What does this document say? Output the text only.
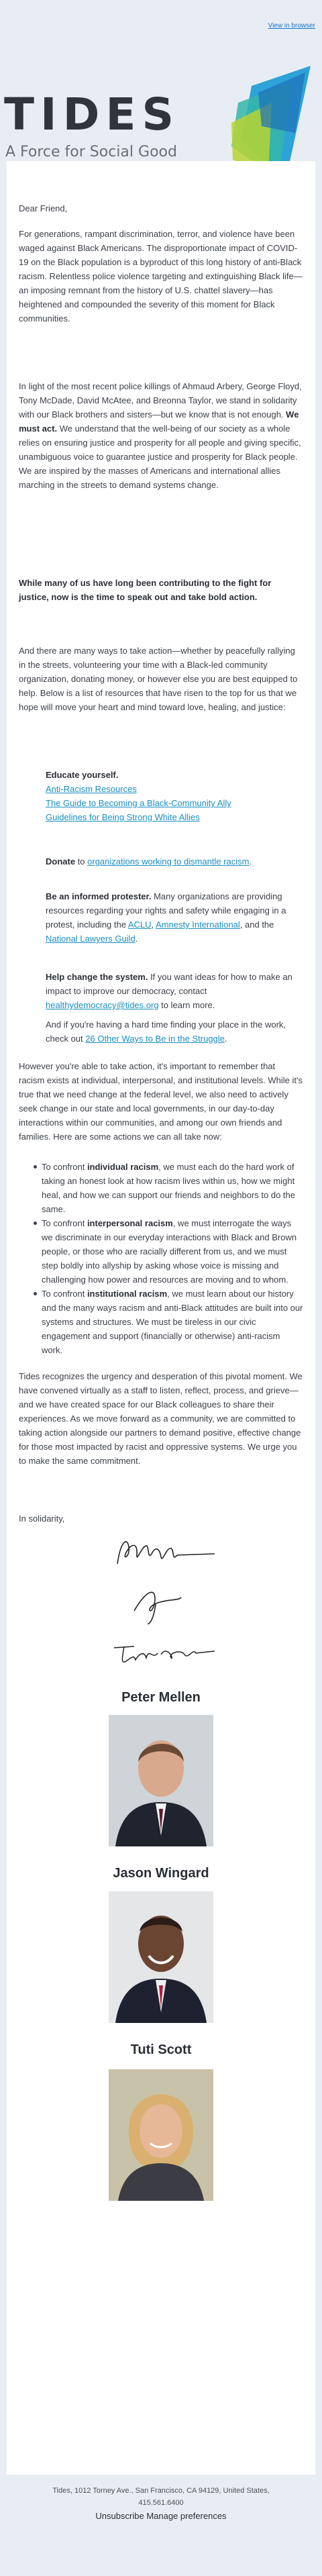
View in browser
TIDES
A Force for Social Good

Dear Friend,

For generations, rampant discrimination, terror, and violence have been waged against Black Americans. The disproportionate impact of COVID-19 on the Black population is a byproduct of this long history of anti-Black racism. Relentless police violence targeting and extinguishing Black life—an imposing remnant from the history of U.S. chattel slavery—has heightened and compounded the severity of this moment for Black communities.

In light of the most recent police killings of Ahmaud Arbery, George Floyd, Tony McDade, David McAtee, and Breonna Taylor, we stand in solidarity with our Black brothers and sisters—but we know that is not enough. We must act. We understand that the well-being of our society as a whole relies on ensuring justice and prosperity for all people and giving specific, unambiguous voice to guarantee justice and prosperity for Black people. We are inspired by the masses of Americans and international allies marching in the streets to demand systems change.

While many of us have long been contributing to the fight for justice, now is the time to speak out and take bold action.

And there are many ways to take action—whether by peacefully rallying in the streets, volunteering your time with a Black-led community organization, donating money, or however else you are best equipped to help. Below is a list of resources that have risen to the top for us that we hope will move your heart and mind toward love, healing, and justice:

Educate yourself.
Anti-Racism Resources
The Guide to Becoming a Black-Community Ally
Guidelines for Being Strong White Allies
Donate to organizations working to dismantle racism.
Be an informed protester. Many organizations are providing resources regarding your rights and safety while engaging in a protest, including the ACLU, Amnesty International, and the National Lawyers Guild.
Help change the system. If you want ideas for how to make an impact to improve our democracy, contact healthydemocracy@tides.org to learn more.
And if you're having a hard time finding your place in the work, check out 26 Other Ways to Be in the Struggle.

However you're able to take action, it's important to remember that racism exists at individual, interpersonal, and institutional levels. While it's true that we need change at the federal level, we also need to actively seek change in our state and local governments, in our day-to-day interactions within our communities, and among our own friends and families. Here are some actions we can all take now:

To confront individual racism, we must each do the hard work of taking an honest look at how racism lives within us, how we might heal, and how we can support our friends and neighbors to do the same.
To confront interpersonal racism, we must interrogate the ways we discriminate in our everyday interactions with Black and Brown people, or those who are racially different from us, and we must step boldly into allyship by asking whose voice is missing and challenging how power and resources are moving and to whom.
To confront institutional racism, we must learn about our history and the many ways racism and anti-Black attitudes are built into our systems and structures. We must be tireless in our civic engagement and support (financially or otherwise) anti-racism work.

Tides recognizes the urgency and desperation of this pivotal moment. We have convened virtually as a staff to listen, reflect, process, and grieve—and we have created space for our Black colleagues to share their experiences. As we move forward as a community, we are committed to taking action alongside our partners to demand positive, effective change for those most impacted by racist and oppressive systems. We urge you to make the same commitment.

In solidarity,

Peter Mellen
Jason Wingard
Tuti Scott
Tides, 1012 Torney Ave., San Francisco, CA 94129, United States,
415.561.6400
Unsubscribe Manage preferences
